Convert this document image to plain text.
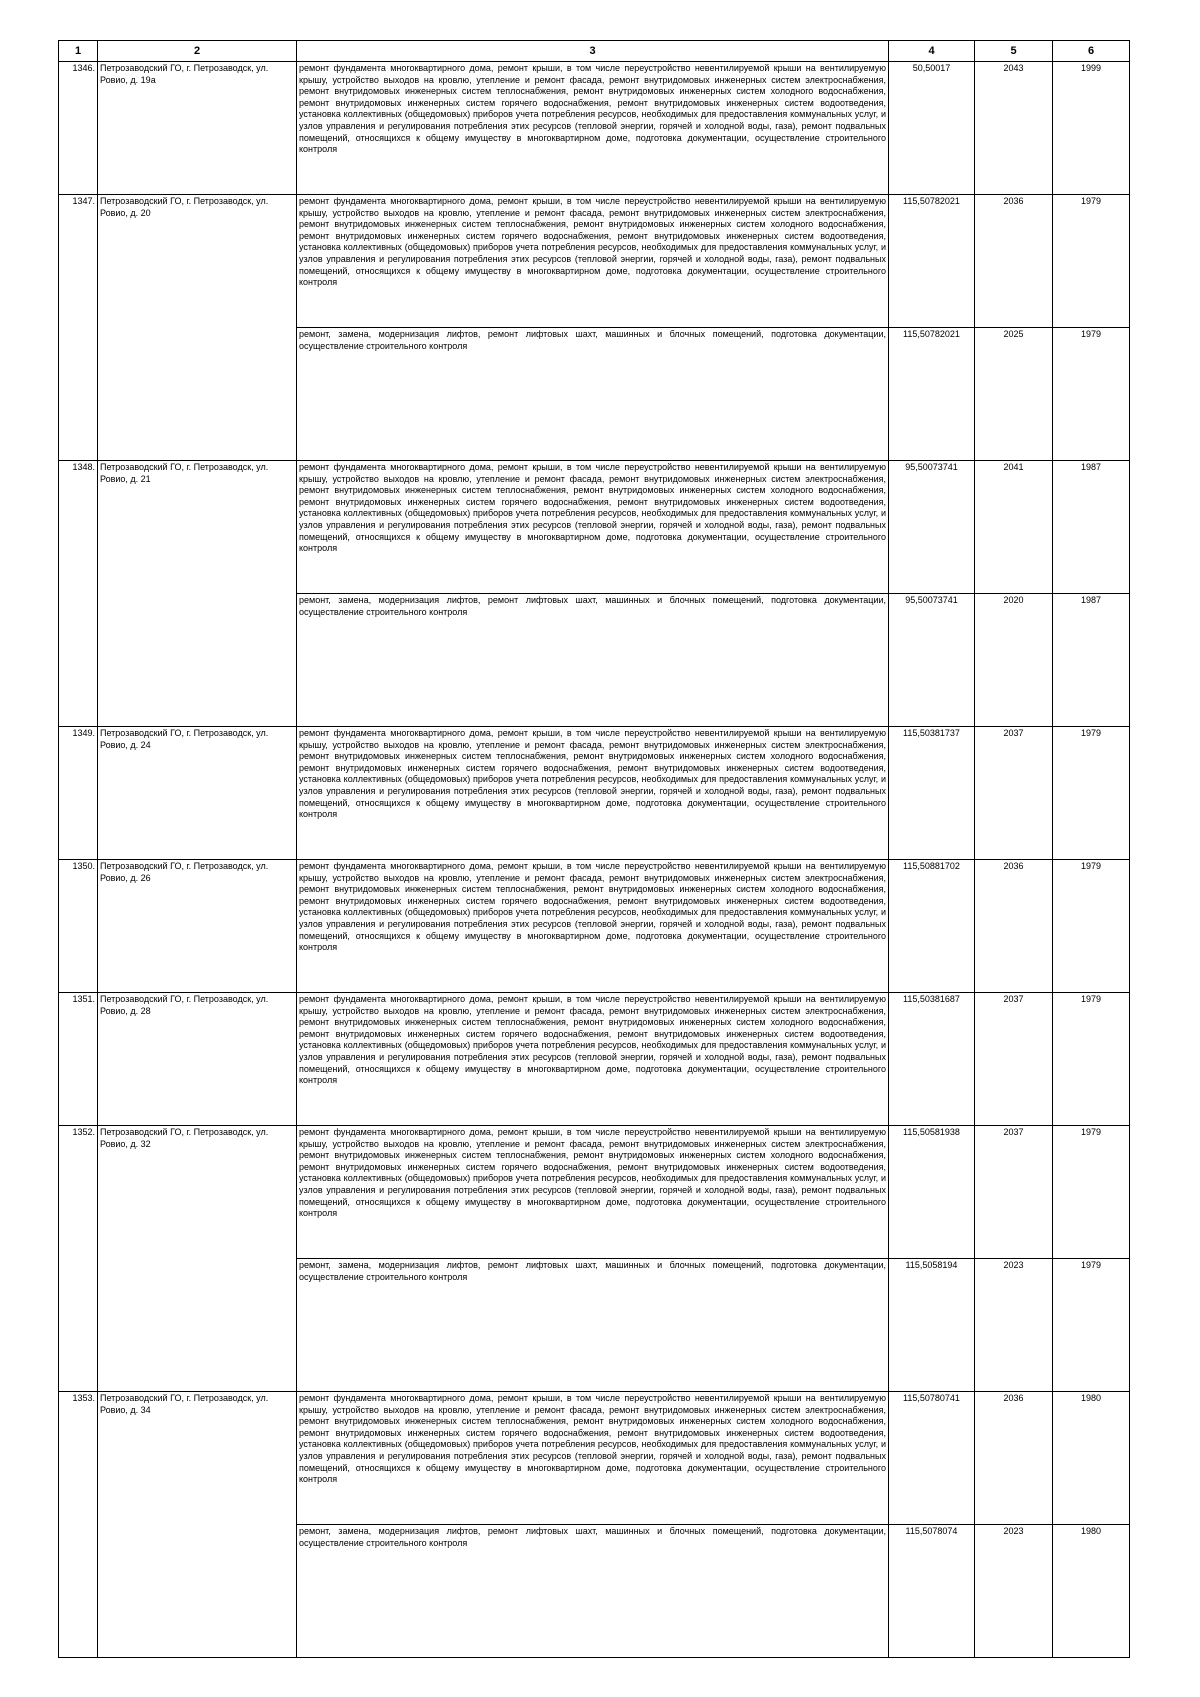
1	2	3	4	5	6
1346.	Петрозаводский ГО, г. Петрозаводск, ул. Ровио, д. 19а	ремонт фундамента многоквартирного дома, ремонт крыши, в том числе переустройство невентилируемой крыши на вентилируемую крышу, устройство выходов на кровлю, утепление и ремонт фасада, ремонт внутридомовых инженерных систем электроснабжения, ремонт внутридомовых инженерных систем теплоснабжения, ремонт внутридомовых инженерных систем холодного водоснабжения, ремонт внутридомовых инженерных систем горячего водоснабжения, ремонт внутридомовых инженерных систем водоотведения, установка коллективных (общедомовых) приборов учета потребления ресурсов, необходимых для предоставления коммунальных услуг, и узлов управления и регулирования потребления этих ресурсов (тепловой энергии, горячей и холодной воды, газа), ремонт подвальных помещений, относящихся к общему имуществу в многоквартирном доме, подготовка документации, осуществление строительного контроля	50,50017	2043	1999
1347.	Петрозаводский ГО, г. Петрозаводск, ул. Ровио, д. 20	ремонт фундамента многоквартирного дома, ремонт крыши, в том числе переустройство невентилируемой крыши на вентилируемую крышу, устройство выходов на кровлю, утепление и ремонт фасада, ремонт внутридомовых инженерных систем электроснабжения, ремонт внутридомовых инженерных систем теплоснабжения, ремонт внутридомовых инженерных систем холодного водоснабжения, ремонт внутридомовых инженерных систем горячего водоснабжения, ремонт внутридомовых инженерных систем водоотведения, установка коллективных (общедомовых) приборов учета потребления ресурсов, необходимых для предоставления коммунальных услуг, и узлов управления и регулирования потребления этих ресурсов (тепловой энергии, горячей и холодной воды, газа), ремонт подвальных помещений, относящихся к общему имуществу в многоквартирном доме, подготовка документации, осуществление строительного контроля	115,50782021	2036	1979
		ремонт, замена, модернизация лифтов, ремонт лифтовых шахт, машинных и блочных помещений, подготовка документации, осуществление строительного контроля	115,50782021	2025	1979
1348.	Петрозаводский ГО, г. Петрозаводск, ул. Ровио, д. 21	ремонт фундамента многоквартирного дома, ремонт крыши, в том числе переустройство невентилируемой крыши на вентилируемую крышу, устройство выходов на кровлю, утепление и ремонт фасада, ремонт внутридомовых инженерных систем электроснабжения, ремонт внутридомовых инженерных систем теплоснабжения, ремонт внутридомовых инженерных систем холодного водоснабжения, ремонт внутридомовых инженерных систем горячего водоснабжения, ремонт внутридомовых инженерных систем водоотведения, установка коллективных (общедомовых) приборов учета потребления ресурсов, необходимых для предоставления коммунальных услуг, и узлов управления и регулирования потребления этих ресурсов (тепловой энергии, горячей и холодной воды, газа), ремонт подвальных помещений, относящихся к общему имуществу в многоквартирном доме, подготовка документации, осуществление строительного контроля	95,50073741	2041	1987
		ремонт, замена, модернизация лифтов, ремонт лифтовых шахт, машинных и блочных помещений, подготовка документации, осуществление строительного контроля	95,50073741	2020	1987
1349.	Петрозаводский ГО, г. Петрозаводск, ул. Ровио, д. 24	ремонт фундамента многоквартирного дома, ремонт крыши, в том числе переустройство невентилируемой крыши на вентилируемую крышу, устройство выходов на кровлю, утепление и ремонт фасада, ремонт внутридомовых инженерных систем электроснабжения, ремонт внутридомовых инженерных систем теплоснабжения, ремонт внутридомовых инженерных систем холодного водоснабжения, ремонт внутридомовых инженерных систем горячего водоснабжения, ремонт внутридомовых инженерных систем водоотведения, установка коллективных (общедомовых) приборов учета потребления ресурсов, необходимых для предоставления коммунальных услуг, и узлов управления и регулирования потребления этих ресурсов (тепловой энергии, горячей и холодной воды, газа), ремонт подвальных помещений, относящихся к общему имуществу в многоквартирном доме, подготовка документации, осуществление строительного контроля	115,50381737	2037	1979
1350.	Петрозаводский ГО, г. Петрозаводск, ул. Ровио, д. 26	ремонт фундамента многоквартирного дома, ремонт крыши, в том числе переустройство невентилируемой крыши на вентилируемую крышу, устройство выходов на кровлю, утепление и ремонт фасада, ремонт внутридомовых инженерных систем электроснабжения, ремонт внутридомовых инженерных систем теплоснабжения, ремонт внутридомовых инженерных систем холодного водоснабжения, ремонт внутридомовых инженерных систем горячего водоснабжения, ремонт внутридомовых инженерных систем водоотведения, установка коллективных (общедомовых) приборов учета потребления ресурсов, необходимых для предоставления коммунальных услуг, и узлов управления и регулирования потребления этих ресурсов (тепловой энергии, горячей и холодной воды, газа), ремонт подвальных помещений, относящихся к общему имуществу в многоквартирном доме, подготовка документации, осуществление строительного контроля	115,50881702	2036	1979
1351.	Петрозаводский ГО, г. Петрозаводск, ул. Ровио, д. 28	ремонт фундамента многоквартирного дома, ремонт крыши, в том числе переустройство невентилируемой крыши на вентилируемую крышу, устройство выходов на кровлю, утепление и ремонт фасада, ремонт внутридомовых инженерных систем электроснабжения, ремонт внутридомовых инженерных систем теплоснабжения, ремонт внутридомовых инженерных систем холодного водоснабжения, ремонт внутридомовых инженерных систем горячего водоснабжения, ремонт внутридомовых инженерных систем водоотведения, установка коллективных (общедомовых) приборов учета потребления ресурсов, необходимых для предоставления коммунальных услуг, и узлов управления и регулирования потребления этих ресурсов (тепловой энергии, горячей и холодной воды, газа), ремонт подвальных помещений, относящихся к общему имуществу в многоквартирном доме, подготовка документации, осуществление строительного контроля	115,50381687	2037	1979
1352.	Петрозаводский ГО, г. Петрозаводск, ул. Ровио, д. 32	ремонт фундамента многоквартирного дома, ремонт крыши, в том числе переустройство невентилируемой крыши на вентилируемую крышу, устройство выходов на кровлю, утепление и ремонт фасада, ремонт внутридомовых инженерных систем электроснабжения, ремонт внутридомовых инженерных систем теплоснабжения, ремонт внутридомовых инженерных систем холодного водоснабжения, ремонт внутридомовых инженерных систем горячего водоснабжения, ремонт внутридомовых инженерных систем водоотведения, установка коллективных (общедомовых) приборов учета потребления ресурсов, необходимых для предоставления коммунальных услуг, и узлов управления и регулирования потребления этих ресурсов (тепловой энергии, горячей и холодной воды, газа), ремонт подвальных помещений, относящихся к общему имуществу в многоквартирном доме, подготовка документации, осуществление строительного контроля	115,50581938	2037	1979
		ремонт, замена, модернизация лифтов, ремонт лифтовых шахт, машинных и блочных помещений, подготовка документации, осуществление строительного контроля	115,5058194	2023	1979
1353.	Петрозаводский ГО, г. Петрозаводск, ул. Ровио, д. 34	ремонт фундамента многоквартирного дома, ремонт крыши, в том числе переустройство невентилируемой крыши на вентилируемую крышу, устройство выходов на кровлю, утепление и ремонт фасада, ремонт внутридомовых инженерных систем электроснабжения, ремонт внутридомовых инженерных систем теплоснабжения, ремонт внутридомовых инженерных систем холодного водоснабжения, ремонт внутридомовых инженерных систем горячего водоснабжения, ремонт внутридомовых инженерных систем водоотведения, установка коллективных (общедомовых) приборов учета потребления ресурсов, необходимых для предоставления коммунальных услуг, и узлов управления и регулирования потребления этих ресурсов (тепловой энергии, горячей и холодной воды, газа), ремонт подвальных помещений, относящихся к общему имуществу в многоквартирном доме, подготовка документации, осуществление строительного контроля	115,50780741	2036	1980
		ремонт, замена, модернизация лифтов, ремонт лифтовых шахт, машинных и блочных помещений, подготовка документации, осуществление строительного контроля	115,5078074	2023	1980
